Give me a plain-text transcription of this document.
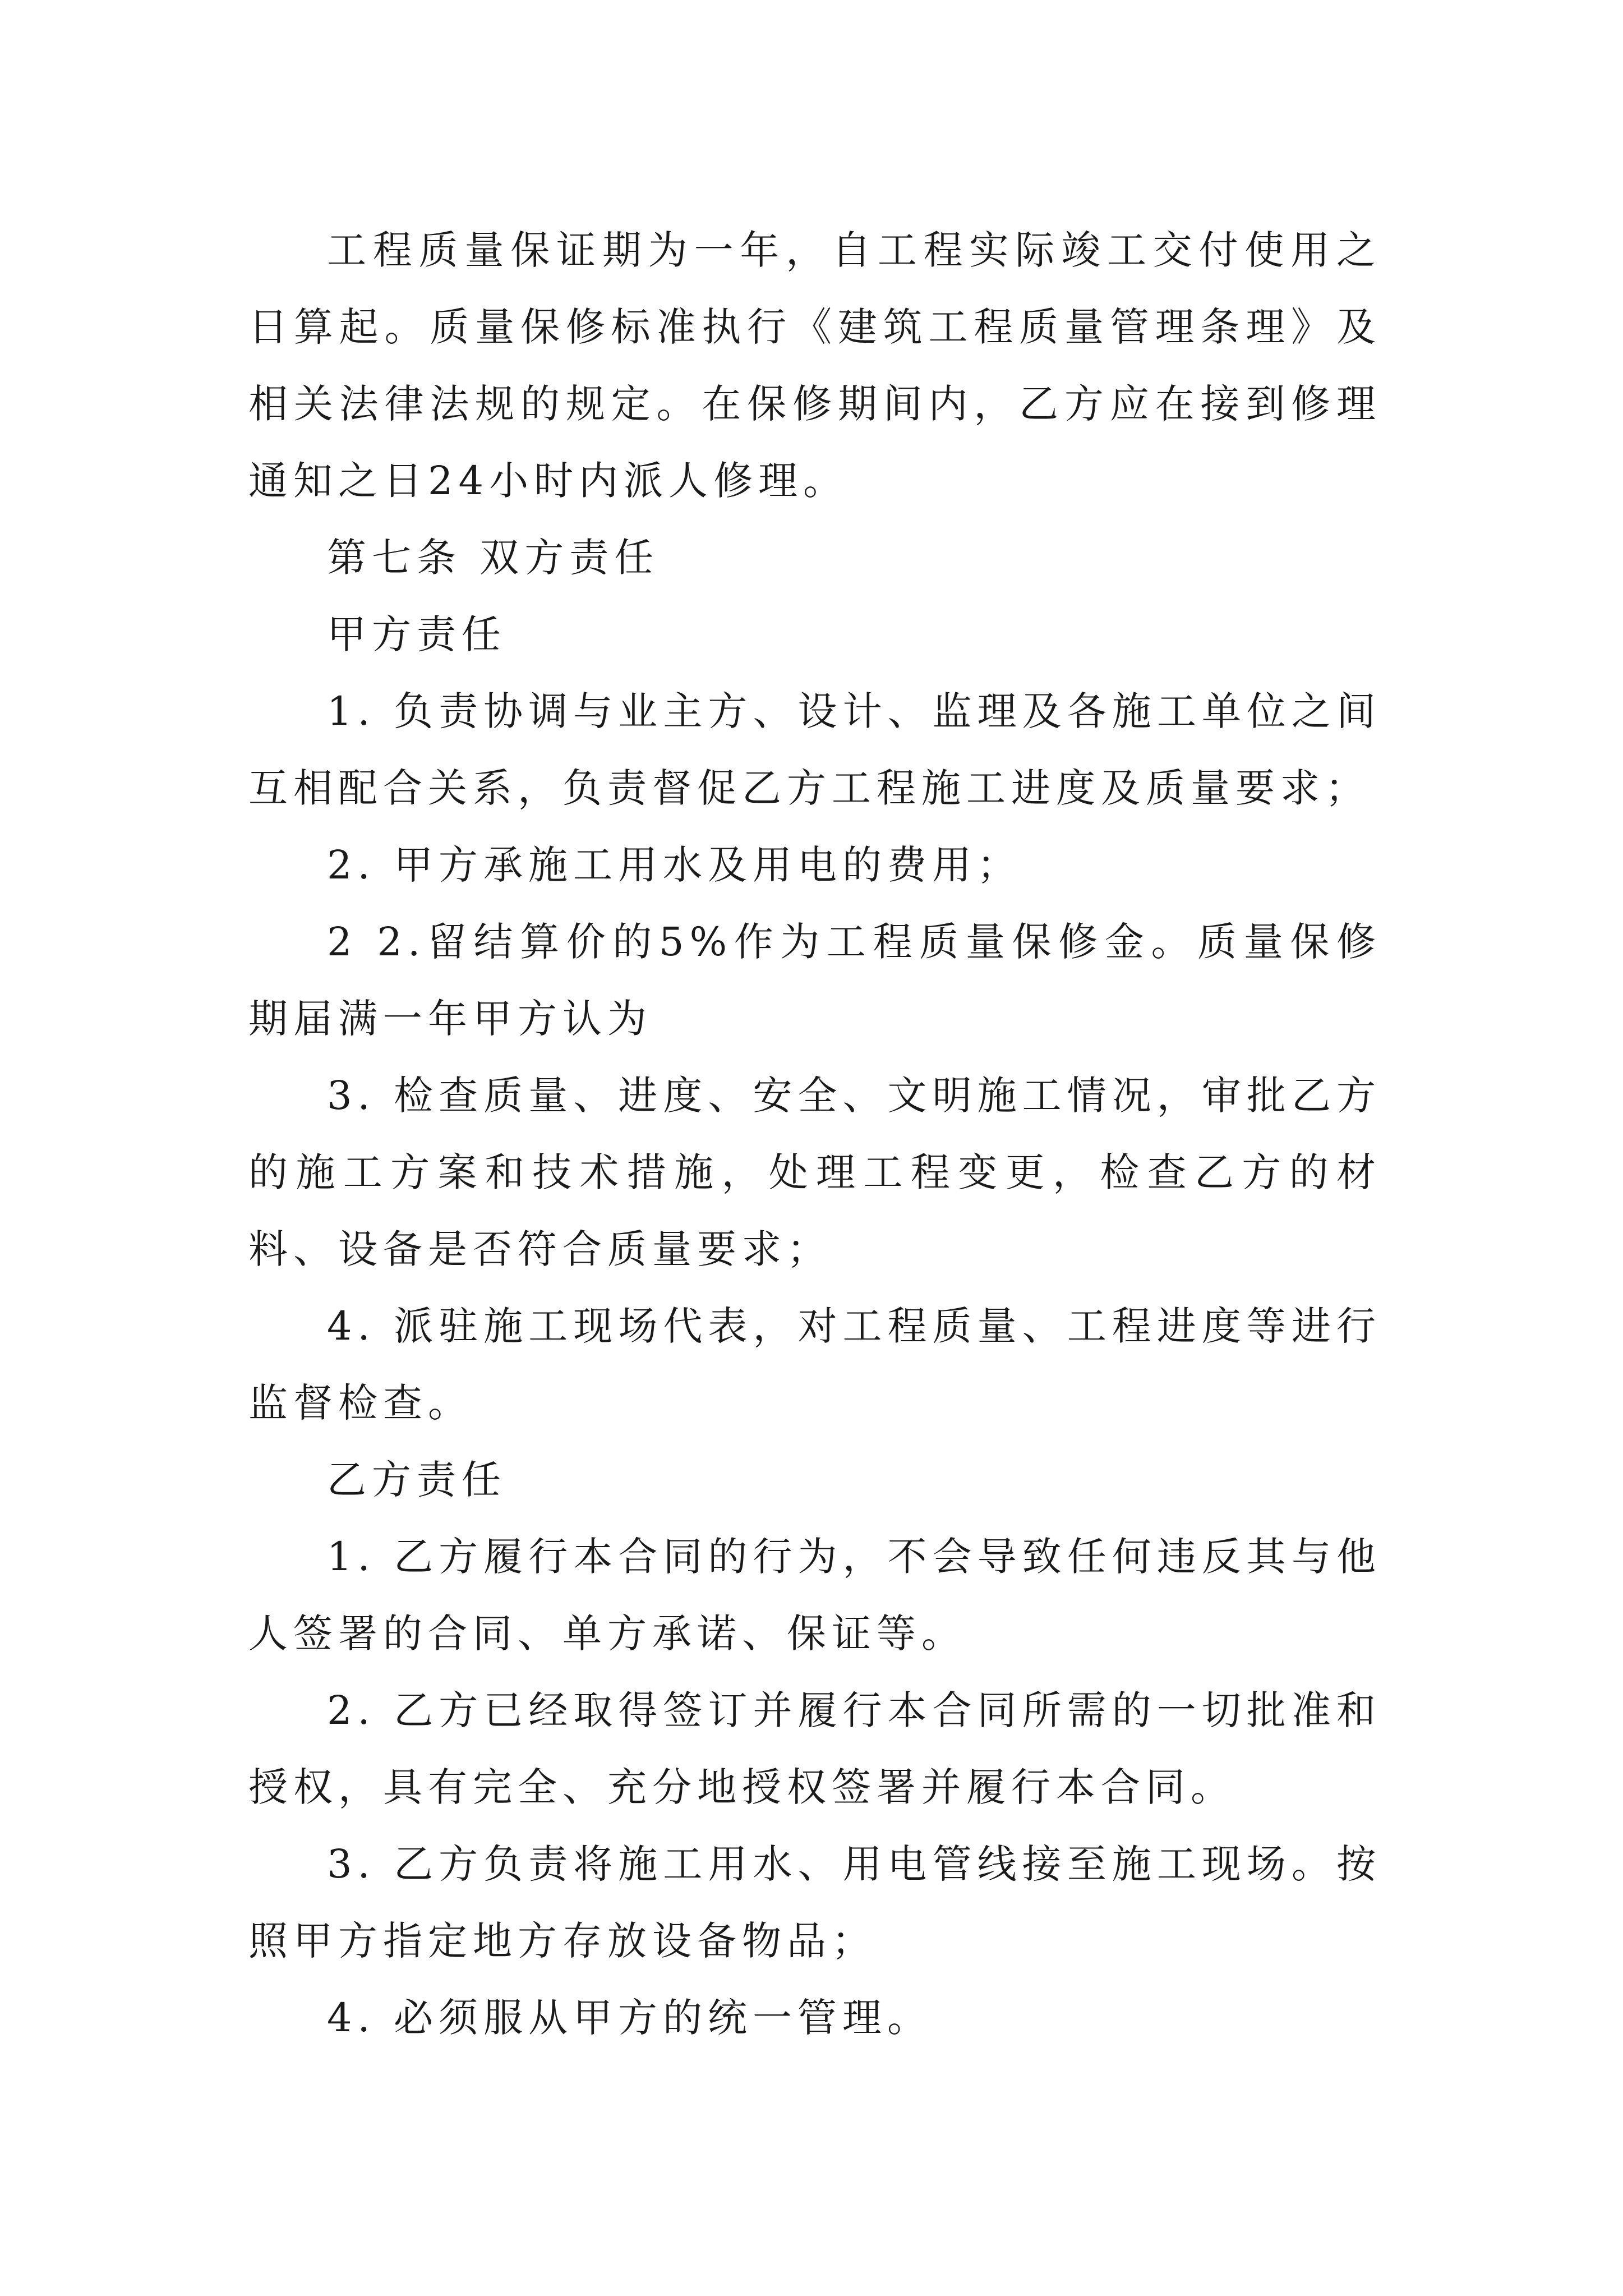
工程质量保证期为一年，自工程实际竣工交付使用之日算起。质量保修标准执行《建筑工程质量管理条理》及相关法律法规的规定。在保修期间内，乙方应在接到修理通知之日24小时内派人修理。

第七条 双方责任

甲方责任

1. 负责协调与业主方、设计、监理及各施工单位之间互相配合关系，负责督促乙方工程施工进度及质量要求；

2. 甲方承施工用水及用电的费用；

2 2.留结算价的5%作为工程质量保修金。质量保修期届满一年甲方认为

3. 检查质量、进度、安全、文明施工情况，审批乙方的施工方案和技术措施，处理工程变更，检查乙方的材料、设备是否符合质量要求；

4. 派驻施工现场代表，对工程质量、工程进度等进行监督检查。

乙方责任

1. 乙方履行本合同的行为，不会导致任何违反其与他人签署的合同、单方承诺、保证等。

2. 乙方已经取得签订并履行本合同所需的一切批准和授权，具有完全、充分地授权签署并履行本合同。

3. 乙方负责将施工用水、用电管线接至施工现场。按照甲方指定地方存放设备物品；

4. 必须服从甲方的统一管理。
